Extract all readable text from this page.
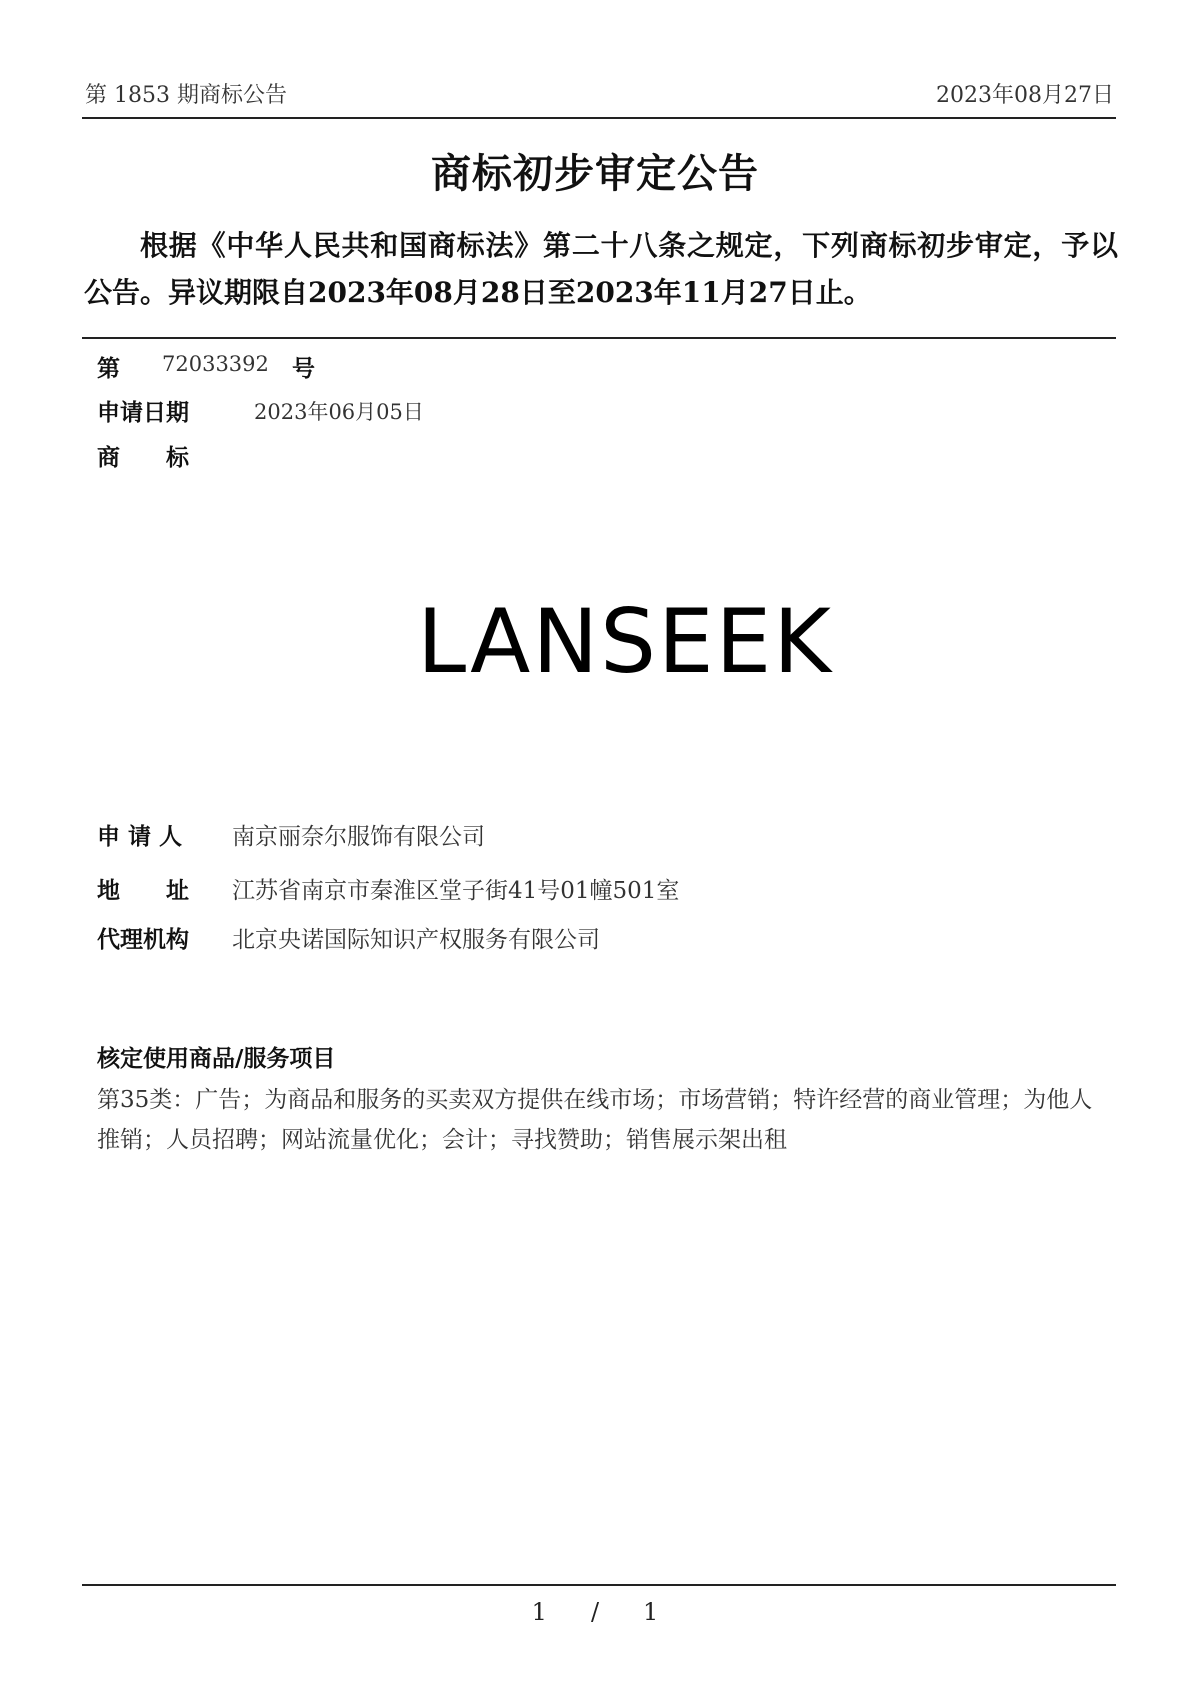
第 1853 期商标公告	2023年08月27日
商标初步审定公告
根据《中华人民共和国商标法》第二十八条之规定，下列商标初步审定，予以公告。异议期限自2023年08月28日至2023年11月27日止。
第 72033392 号
申请日期	2023年06月05日
商 标
LANSEEK
申 请 人 南京丽奈尔服饰有限公司
地　　址 江苏省南京市秦淮区堂子街41号01幢501室
代理机构 北京央诺国际知识产权服务有限公司
核定使用商品/服务项目
第35类：广告；为商品和服务的买卖双方提供在线市场；市场营销；特许经营的商业管理；为他人推销；人员招聘；网站流量优化；会计；寻找赞助；销售展示架出租
1 / 1
